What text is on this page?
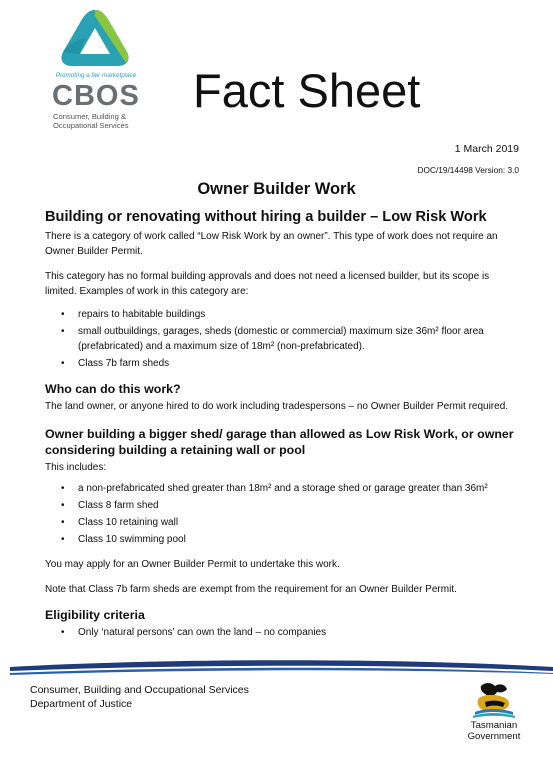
Promoting a fair marketplace
CBOS
Consumer, Building &
Occupational Services
Fact Sheet
1 March 2019
DOC/19/14498 Version: 3.0
Owner Builder Work
Building or renovating without hiring a builder – Low Risk Work

There is a category of work called “Low Risk Work by an owner”. This type of work does not require an Owner Builder Permit.

This category has no formal building approvals and does not need a licensed builder, but its scope is limited. Examples of work in this category are:

• repairs to habitable buildings
• small outbuildings, garages, sheds (domestic or commercial) maximum size 36m² floor area (prefabricated) and a maximum size of 18m² (non-prefabricated).
• Class 7b farm sheds
Who can do this work?

The land owner, or anyone hired to do work including tradespersons – no Owner Builder Permit required.

Owner building a bigger shed/ garage than allowed as Low Risk Work, or owner considering building a retaining wall or pool

This includes:

• a non-prefabricated shed greater than 18m² and a storage shed or garage greater than 36m²
• Class 8 farm shed
• Class 10 retaining wall
• Class 10 swimming pool

You may apply for an Owner Builder Permit to undertake this work.

Note that Class 7b farm sheds are exempt from the requirement for an Owner Builder Permit.

Eligibility criteria
• Only ‘natural persons’ can own the land – no companies
Consumer, Building and Occupational Services
Department of Justice
Tasmanian
Government
